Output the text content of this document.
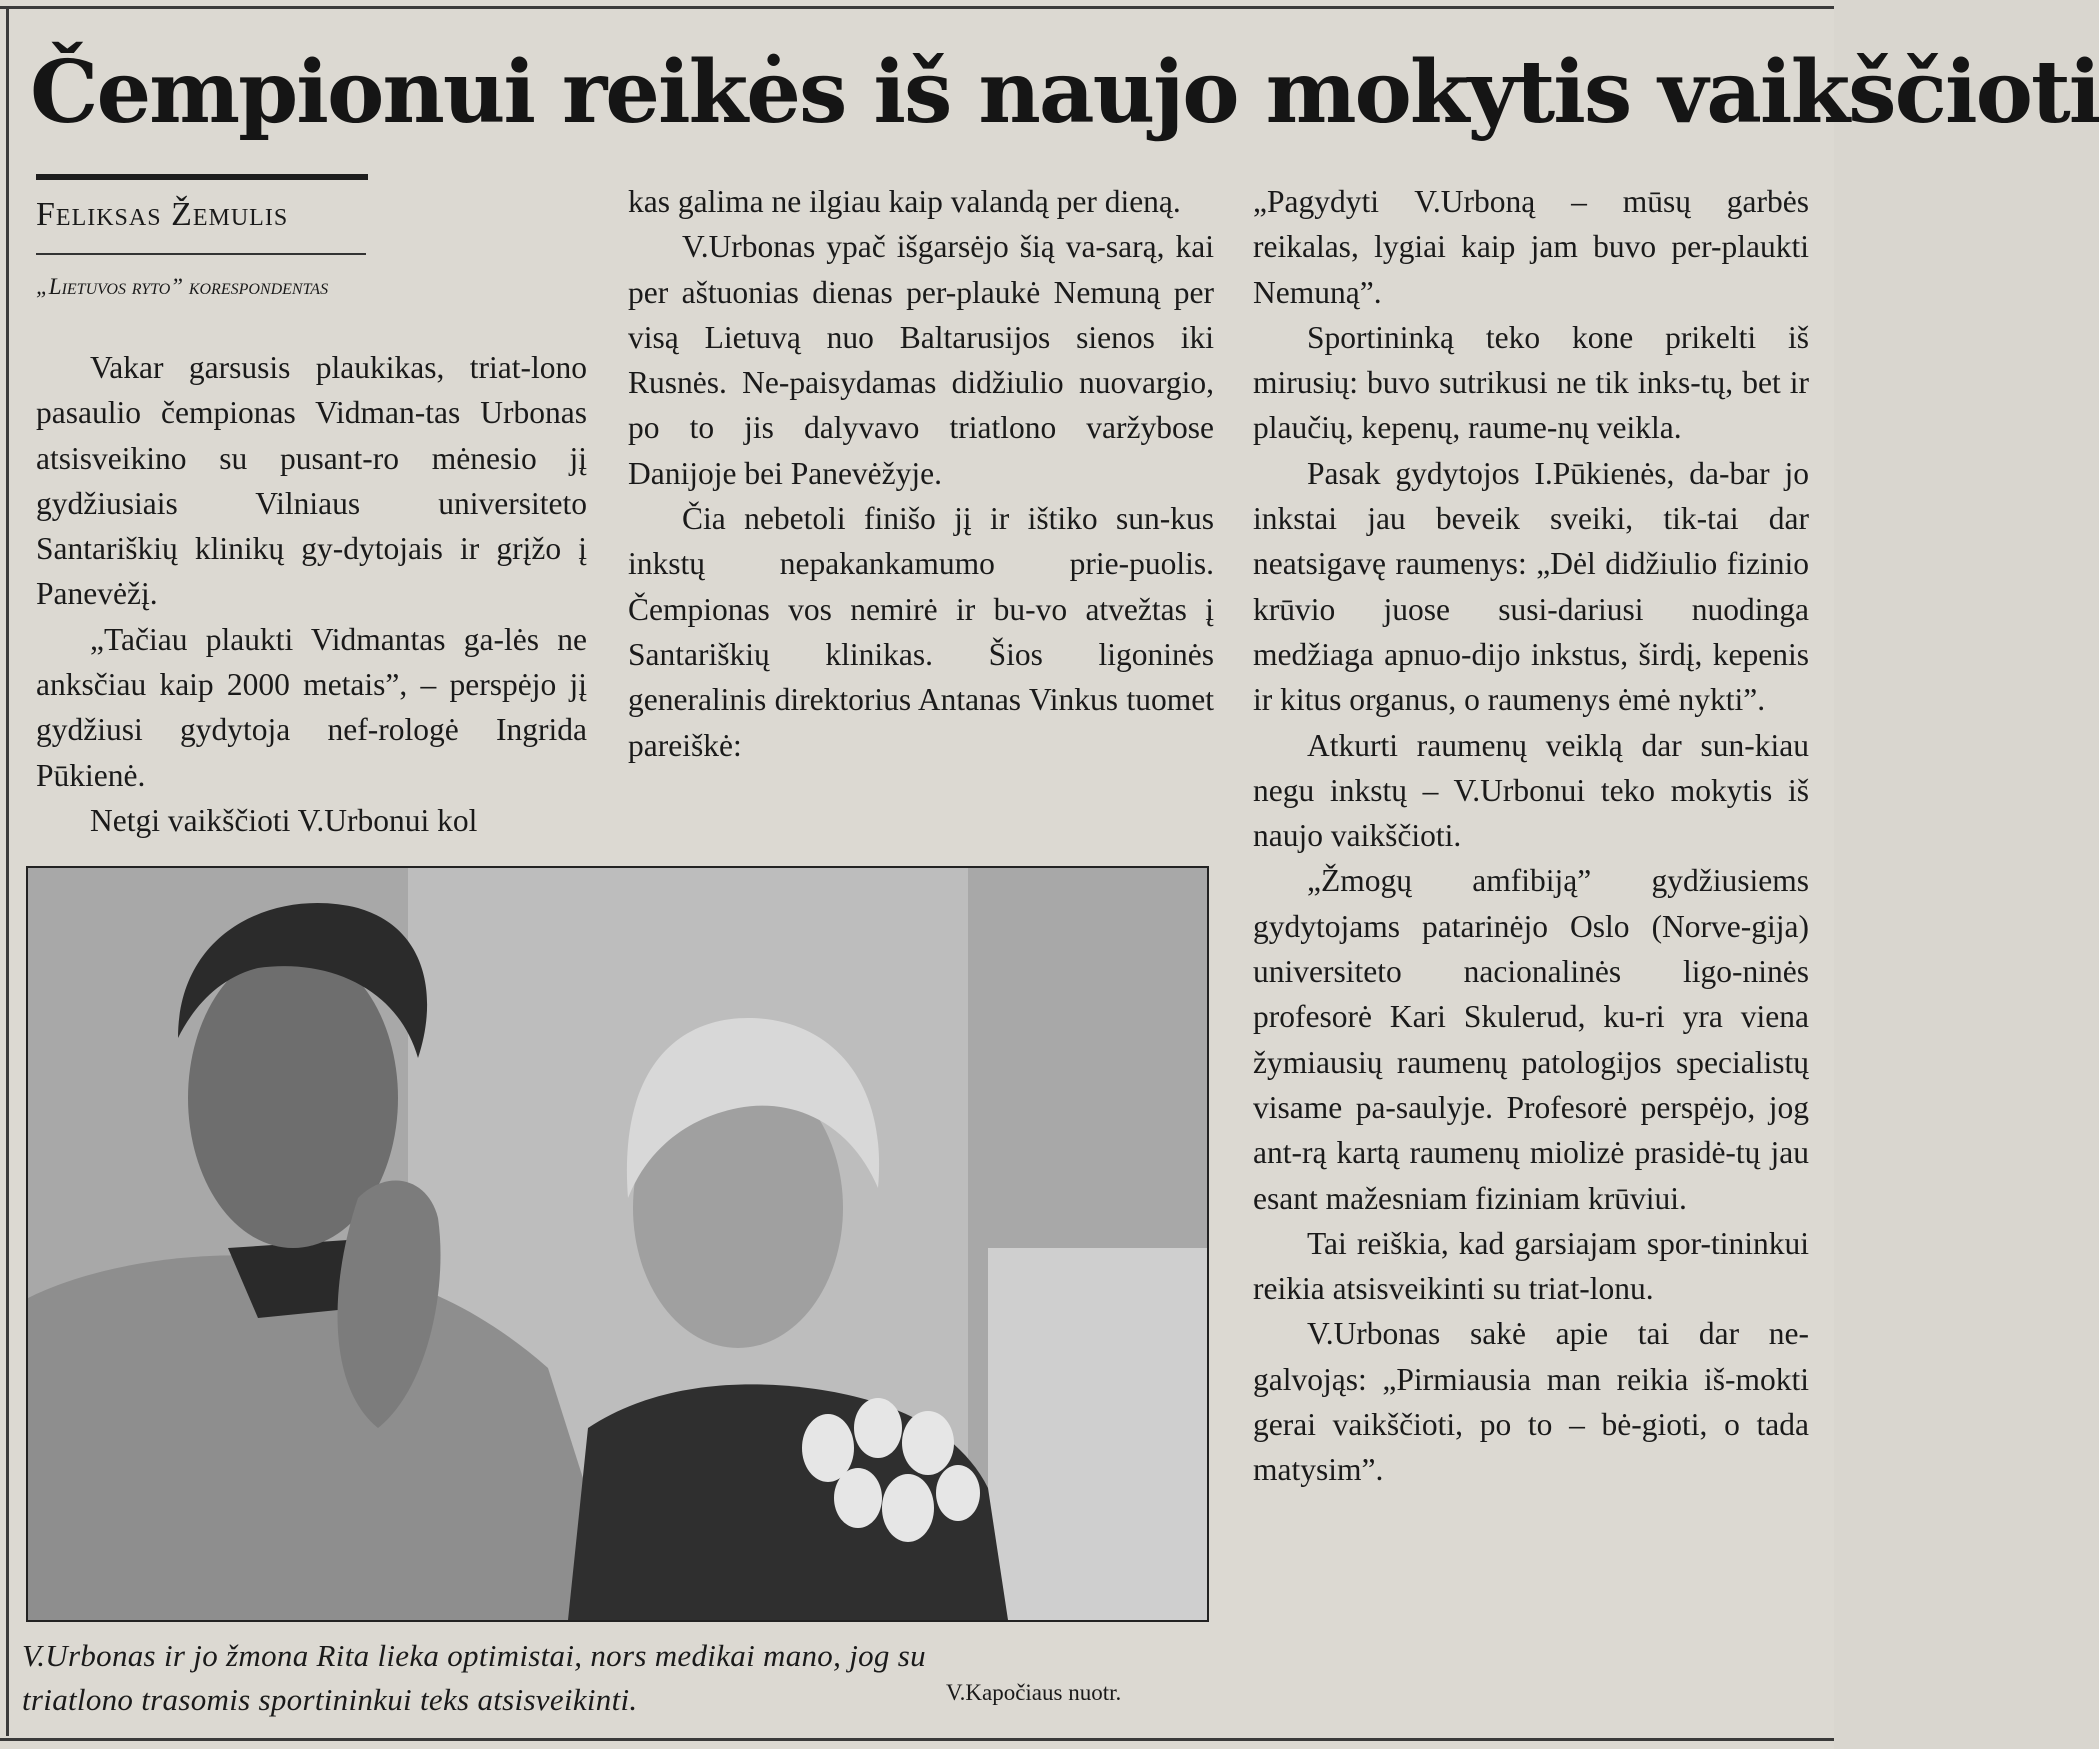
Čempionui reikės iš naujo mokytis vaikščioti
Feliksas Žemulis
„Lietuvos ryto” korespondentas

Vakar garsusis plaukikas, triat-lono pasaulio čempionas Vidman-tas Urbonas atsisveikino su pusant-ro mėnesio jį gydžiusiais Vilniaus universiteto Santariškių klinikų gy-dytojais ir grįžo į Panevėžį.

„Tačiau plaukti Vidmantas ga-lės ne anksčiau kaip 2000 metais”, – perspėjo jį gydžiusi gydytoja nef-rologė Ingrida Pūkienė.

Netgi vaikščioti V.Urbonui kol

kas galima ne ilgiau kaip valandą per dieną.

V.Urbonas ypač išgarsėjo šią va-sarą, kai per aštuonias dienas per-plaukė Nemuną per visą Lietuvą nuo Baltarusijos sienos iki Rusnės. Ne-paisydamas didžiulio nuovargio, po to jis dalyvavo triatlono varžybose Danijoje bei Panevėžyje.

Čia nebetoli finišo jį ir ištiko sun-kus inkstų nepakankamumo prie-puolis. Čempionas vos nemirė ir bu-vo atvežtas į Santariškių klinikas. Šios ligoninės generalinis direktorius Antanas Vinkus tuomet pareiškė:

„Pagydyti V.Urboną – mūsų garbės reikalas, lygiai kaip jam buvo per-plaukti Nemuną”.

Sportininką teko kone prikelti iš mirusių: buvo sutrikusi ne tik inks-tų, bet ir plaučių, kepenų, raume-nų veikla.

Pasak gydytojos I.Pūkienės, da-bar jo inkstai jau beveik sveiki, tik-tai dar neatsigavę raumenys: „Dėl didžiulio fizinio krūvio juose susi-dariusi nuodinga medžiaga apnuo-dijo inkstus, širdį, kepenis ir kitus organus, o raumenys ėmė nykti”.

Atkurti raumenų veiklą dar sun-kiau negu inkstų – V.Urbonui teko mokytis iš naujo vaikščioti.

„Žmogų amfibiją” gydžiusiems gydytojams patarinėjo Oslo (Norve-gija) universiteto nacionalinės ligo-ninės profesorė Kari Skulerud, ku-ri yra viena žymiausių raumenų patologijos specialistų visame pa-saulyje. Profesorė perspėjo, jog ant-rą kartą raumenų miolizė prasidė-tų jau esant mažesniam fiziniam krūviui.

Tai reiškia, kad garsiajam spor-tininkui reikia atsisveikinti su triat-lonu.

V.Urbonas sakė apie tai dar ne-galvojąs: „Pirmiausia man reikia iš-mokti gerai vaikščioti, po to – bė-gioti, o tada matysim”.

V.Urbonas ir jo žmona Rita lieka optimistai, nors medikai mano, jog su triatlono trasomis sportininkui teks atsisveikinti.	V.Kapočiaus nuotr.
